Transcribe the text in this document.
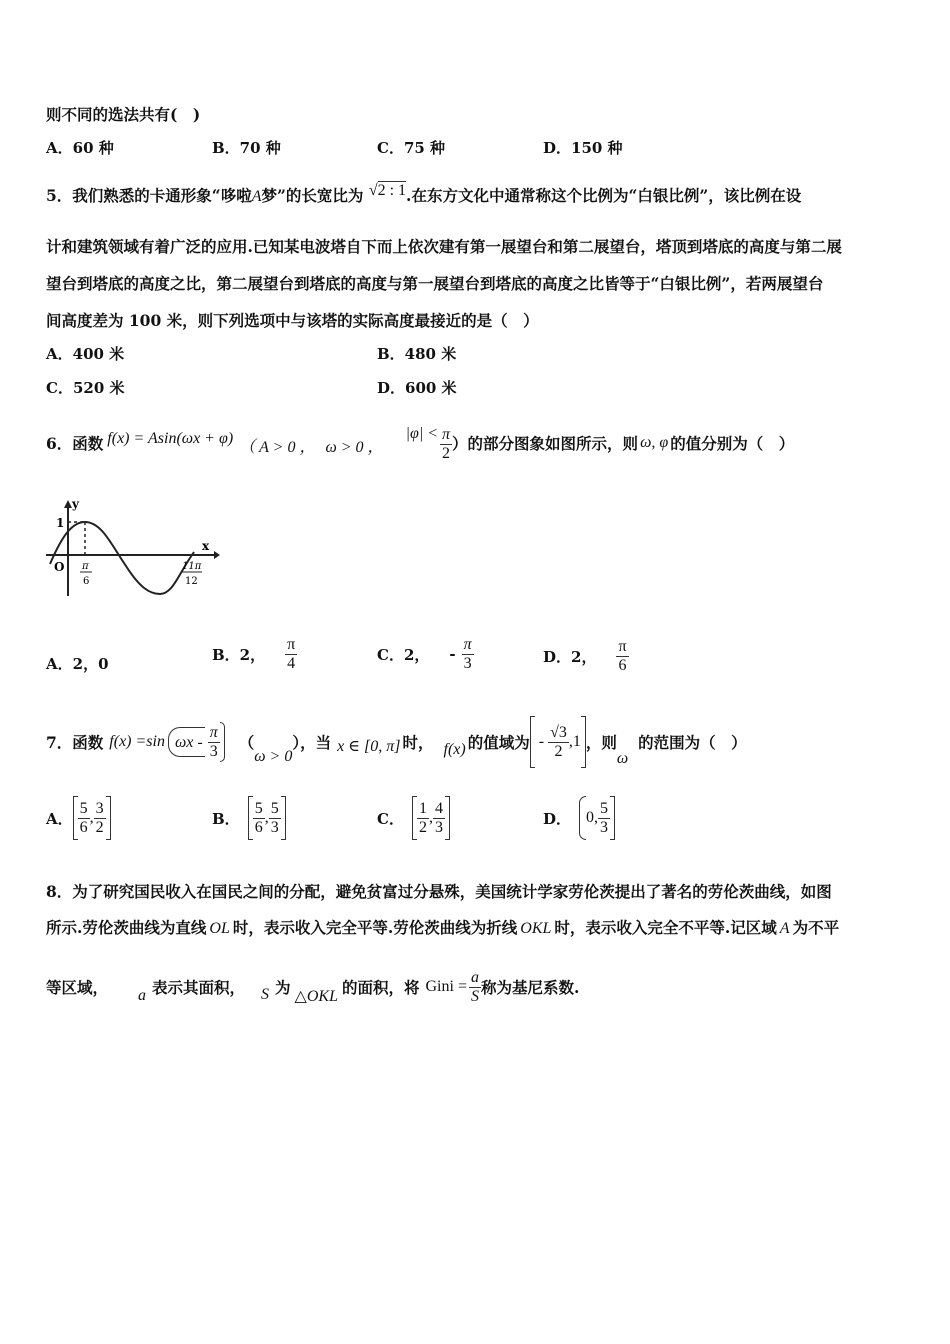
则不同的选法共有(　)
A．60 种	B．70 种	C．75 种	D．150 种
5．我们熟悉的卡通形象“哆啦A梦”的长宽比为 √2 : 1.在东方文化中通常称这个比例为“白银比例”，该比例在设
计和建筑领域有着广泛的应用.已知某电波塔自下而上依次建有第一展望台和第二展望台，塔顶到塔底的高度与第二展
望台到塔底的高度之比，第二展望台到塔底的高度与第一展望台到塔底的高度之比皆等于“白银比例”，若两展望台
间高度差为 100 米，则下列选项中与该塔的实际高度最接近的是（　）
A．400 米	B．480 米
C．520 米	D．600 米
6．函数 f(x) = Asin(ωx + φ) （ A > 0 ， ω > 0 ，
$|\varphi| < \frac{\pi}{2}$ ） 的部分图象如图所示，则 ω, φ 的值分别为（　）
y
x
1
O π
6
11π
12
A．2，0
B．2， $\frac{\pi}{4}$	C．2， - $\frac{\pi}{3}$	D．2， $\frac{\pi}{6}$
7．函数 f(x) =sin ωx - $\frac{\pi}{3}$ （
ω > 0
），当 x ∈ [0, π] 时， f(x) 的值域为 - $\frac{√3}{2} ,1$ ，则
ω
的范围为（　）
A． $\frac{5}{6}$ , $\frac{3}{2}$	B． $\frac{5}{6}$ , $\frac{5}{3}$	C． $\frac{1}{2}$ , $\frac{4}{3}$	D． 0, $\frac{5}{3}$
8．为了研究国民收入在国民之间的分配，避免贫富过分悬殊，美国统计学家劳伦茨提出了著名的劳伦茨曲线，如图
所示.劳伦茨曲线为直线 OL 时，表示收入完全平等.劳伦茨曲线为折线 OKL 时，表示收入完全不平等.记区域 A 为不平
等区域， a 表示其面积， S 为 △OKL 的面积，将 Gini = $\frac{a}{S}$ 称为基尼系数.
